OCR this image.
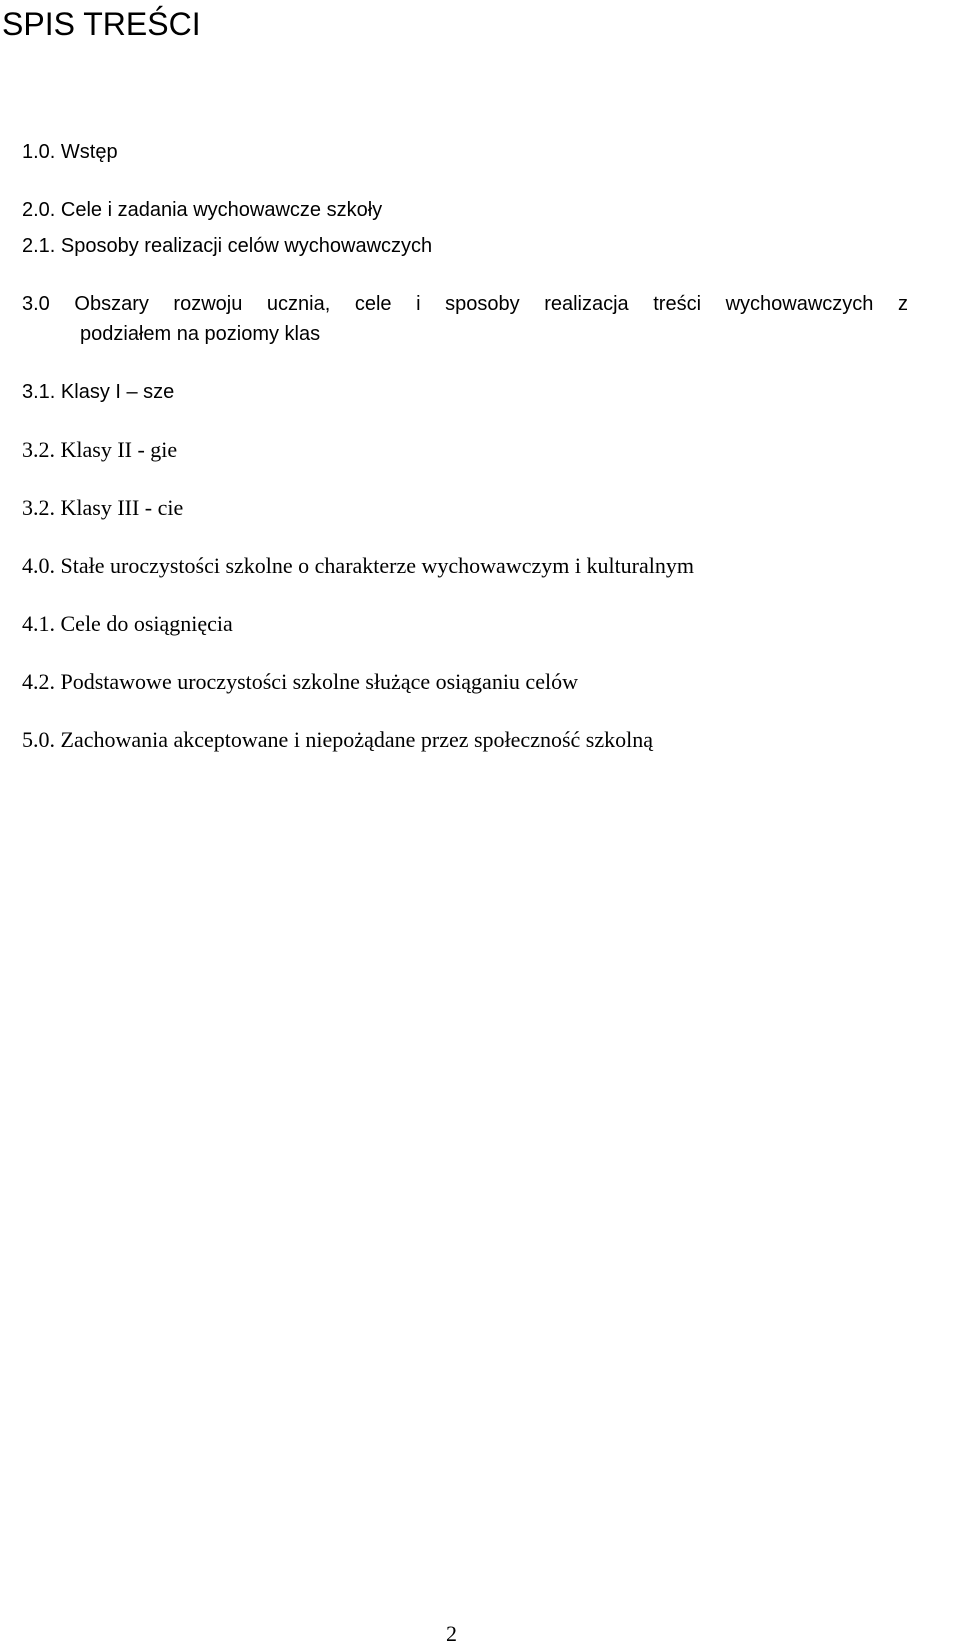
SPIS TREŚCI
1.0. Wstęp
2.0. Cele i zadania wychowawcze szkoły
2.1. Sposoby realizacji celów wychowawczych
3.0 Obszary rozwoju ucznia, cele i sposoby realizacja treści wychowawczych z
podziałem na poziomy klas
3.1. Klasy I – sze
3.2. Klasy II - gie
3.2. Klasy III - cie
4.0. Stałe uroczystości szkolne o charakterze wychowawczym i kulturalnym
4.1. Cele do osiągnięcia
4.2. Podstawowe uroczystości szkolne służące osiąganiu celów
5.0. Zachowania akceptowane i niepożądane przez społeczność szkolną
2
